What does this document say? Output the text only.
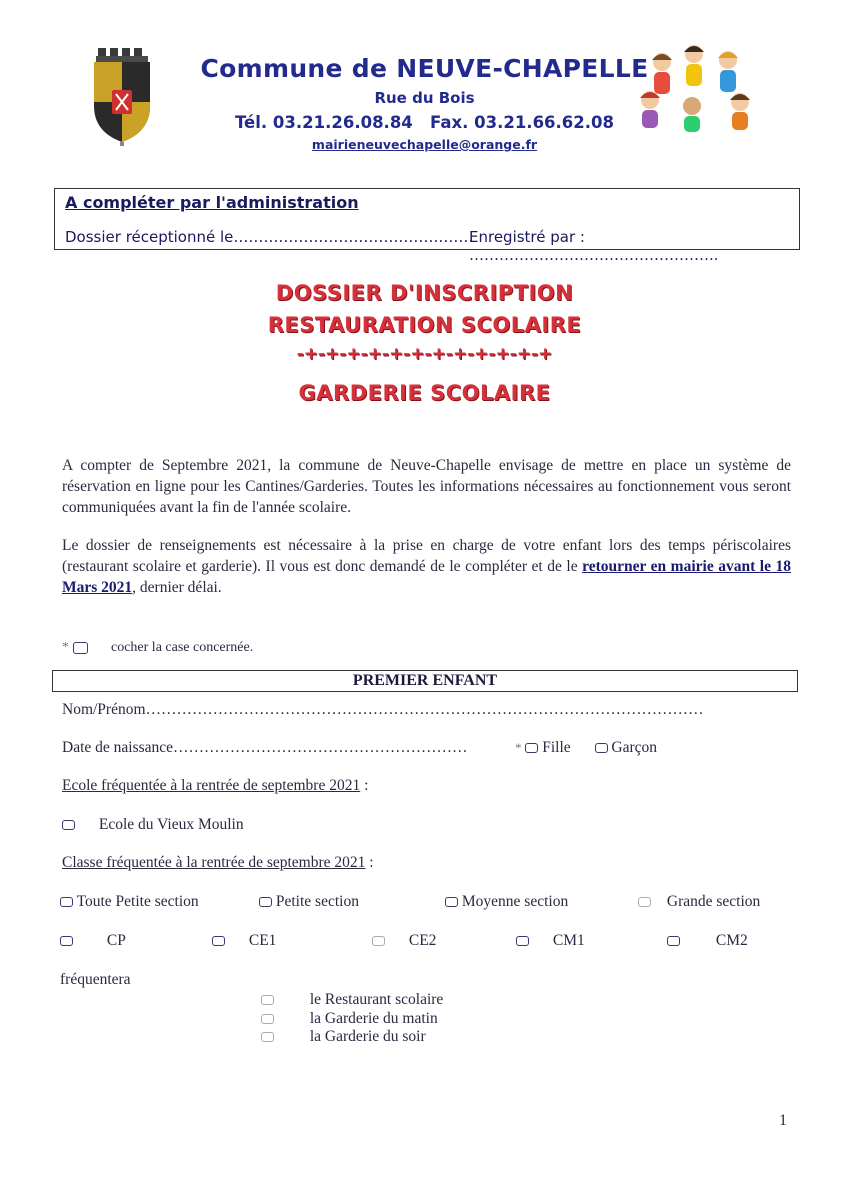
Commune de NEUVE-CHAPELLE
Rue du Bois
Tél. 03.21.26.08.84   Fax. 03.21.66.62.08
mairieneuvechapelle@orange.fr
A compléter par l'administration
Dossier réceptionné le…………………………………………
Enregistré par : …………………………………………..
DOSSIER D'INSCRIPTION
RESTAURATION SCOLAIRE
-+-+-+-+-+-+-+-+-+-+-+-+
GARDERIE SCOLAIRE
A compter de Septembre 2021, la commune de Neuve-Chapelle envisage de mettre en place un système de réservation en ligne pour les Cantines/Garderies. Toutes les informations nécessaires au fonctionnement vous seront communiquées avant la fin de l'année scolaire.
Le dossier de renseignements est nécessaire à la prise en charge de votre enfant lors des temps périscolaires (restaurant scolaire et garderie). Il vous est donc demandé de le compléter et de le retourner en mairie avant le 18 Mars 2021, dernier délai.
*	cocher la case concernée.
PREMIER ENFANT
Nom/Prénom………………………………………………………………………………………………
Date de naissance…………………………………………………	* Fille	Garçon
Ecole fréquentée à la rentrée de septembre 2021 :
Ecole du Vieux Moulin
Classe fréquentée à la rentrée de septembre 2021 :
Toute Petite section	Petite section	Moyenne section	Grande section
CP	CE1	CE2	CM1	CM2
fréquentera
le Restaurant scolaire
la Garderie du matin
la Garderie du soir
1
